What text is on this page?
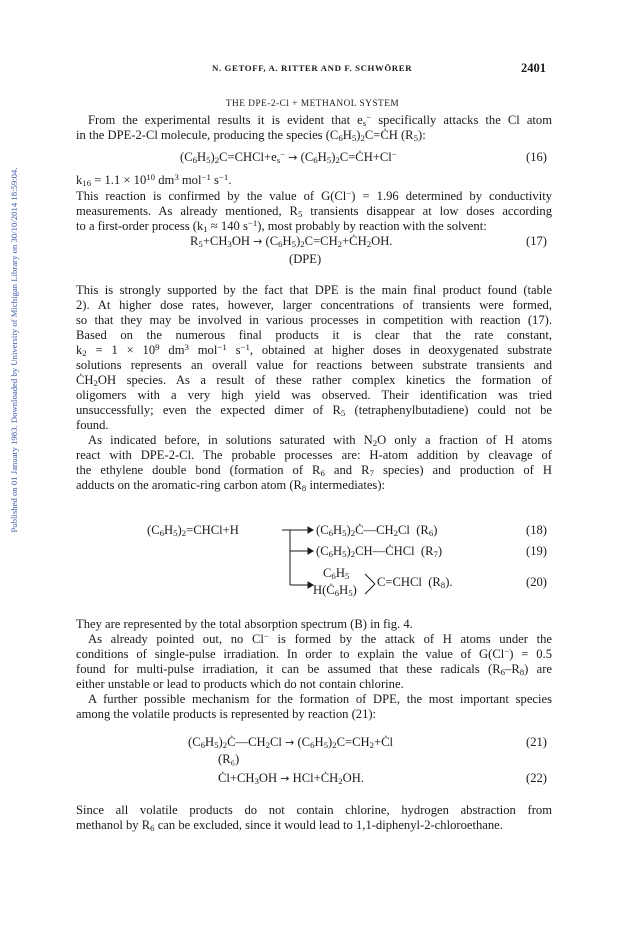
Published on 01 January 1983. Downloaded by University of Michigan Library on 30/10/2014 18:59:04.
N. GETOFF, A. RITTER AND F. SCHWÖRER	2401
THE DPE-2-Cl + METHANOL SYSTEM

From the experimental results it is evident that $e_s^-$ specifically attacks the Cl atom

in the DPE-2-Cl molecule, producing the species $(C_6H_5)_2C=ĊH$ $(R_5)$:

$(C_6H_5)_2C=CHCl+e_s^-$ → $(C_6H_5)_2C=ĊH+Cl^-$	(16)
$k_{16} = 1.1 \times 10^{10}$ $dm^3$ mol$^{-1}$ $s^{-1}$.

This reaction is confirmed by the value of G(Cl−) = 1.96 determined by conductivity

measurements. As already mentioned, $R_5$ transients disappear at low doses according

to a first-order process ($k_1 \approx 140$ $s^{-1}$), most probably by reaction with the solvent:

$R_5+CH_3OH$ → $(C_6H_5)_2C=CH_2+ĊH_2OH$.	(17)
(DPE)

This is strongly supported by the fact that DPE is the main final product found (table

2). At higher dose rates, however, larger concentrations of transients were formed,

so that they may be involved in various processes in competition with reaction (17).

Based on the numerous final products it is clear that the rate constant,

$k_2 = 1 \times 10^9$ $dm^3$ mol$^{-1}$ $s^{-1}$, obtained at higher doses in deoxygenated substrate

solutions represents an overall value for reactions between substrate transients and

$ĊH_2OH$ species. As a result of these rather complex kinetics the formation of

oligomers with a very high yield was observed. Their identification was tried

unsuccessfully; even the expected dimer of $R_5$ (tetraphenylbutadiene) could not be

found.

As indicated before, in solutions saturated with $N_2O$ only a fraction of H atoms

react with DPE-2-Cl. The probable processes are: H-atom addition by cleavage of

the ethylene double bond (formation of $R_6$ and $R_7$ species) and production of H

adducts on the aromatic-ring carbon atom ($R_8$ intermediates):

$(C_6H_5)_2=CHCl+H$	$(C_6H_5)_2Ċ—CH_2Cl$  $(R_6)$	(18)
$(C_6H_5)_2CH—ĊHCl$  $(R_7)$	(19)
$C_6H_5$
$H(Ċ_6H_5)$
C=CHCl  $(R_8)$.	(20)

They are represented by the total absorption spectrum (B) in fig. 4.

As already pointed out, no Cl− is formed by the attack of H atoms under the

conditions of single-pulse irradiation. In order to explain the value of G(Cl−) = 0.5

found for multi-pulse irradiation, it can be assumed that these radicals $(R_6-R_8)$ are

either unstable or lead to products which do not contain chlorine.

A further possible mechanism for the formation of DPE, the most important species

among the volatile products is represented by reaction (21):

$(C_6H_5)_2Ċ—CH_2Cl$ → $(C_6H_5)_2C=CH_2+Ċl$	(21)
(R₆)
$Ċl+CH_3OH$ → $HCl+ĊH_2OH$.	(22)

Since all volatile products do not contain chlorine, hydrogen abstraction from

methanol by $R_6$ can be excluded, since it would lead to 1,1-diphenyl-2-chloroethane.
